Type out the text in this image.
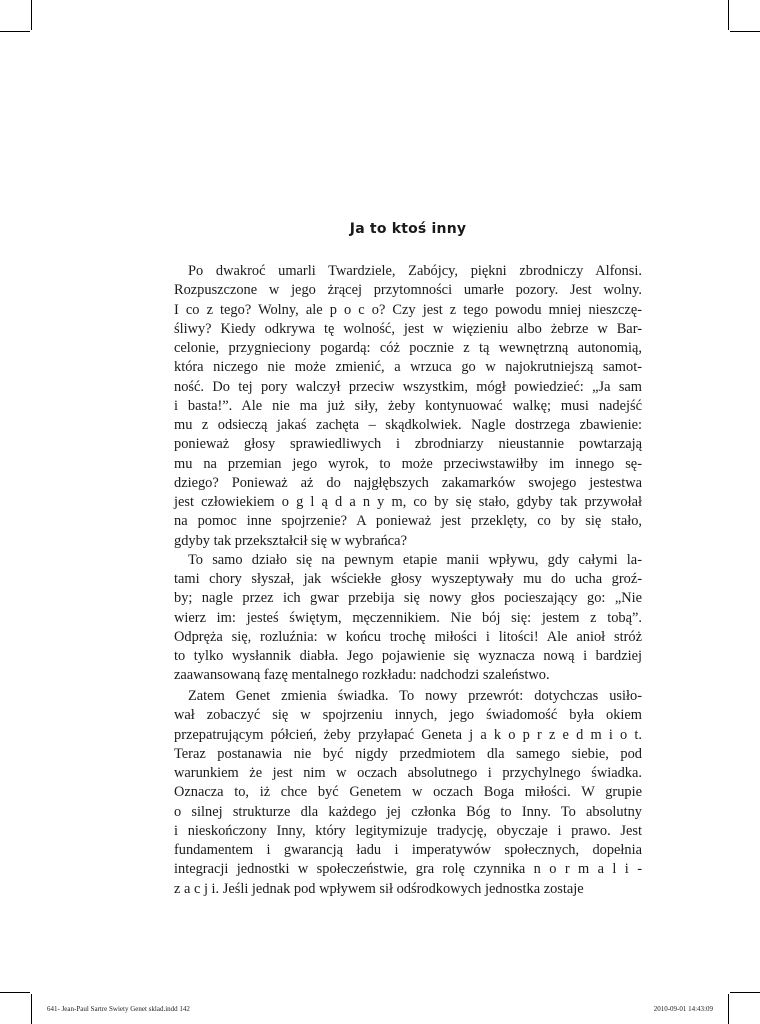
Ja to ktoś inny
Po dwakroć umarli Twardziele, Zabójcy, piękni zbrodniczy Alfonsi.
Rozpuszczone w jego żrącej przytomności umarłe pozory. Jest wolny.
I co z tego? Wolny, ale p o c o? Czy jest z tego powodu mniej nieszczę-
śliwy? Kiedy odkrywa tę wolność, jest w więzieniu albo żebrze w Bar-
celonie, przygnieciony pogardą: cóż pocznie z tą wewnętrzną autonomią,
która niczego nie może zmienić, a wrzuca go w najokrutniejszą samot-
ność. Do tej pory walczył przeciw wszystkim, mógł powiedzieć: „Ja sam
i basta!”. Ale nie ma już siły, żeby kontynuować walkę; musi nadejść
mu z odsieczą jakaś zachęta – skądkolwiek. Nagle dostrzega zbawienie:
ponieważ głosy sprawiedliwych i zbrodniarzy nieustannie powtarzają
mu na przemian jego wyrok, to może przeciwstawiłby im innego sę-
dziego? Ponieważ aż do najgłębszych zakamarków swojego jestestwa
jest człowiekiem o g l ą d a n y m, co by się stało, gdyby tak przywołał
na pomoc inne spojrzenie? A ponieważ jest przeklęty, co by się stało,
gdyby tak przekształcił się w wybrańca?
To samo działo się na pewnym etapie manii wpływu, gdy całymi la-
tami chory słyszał, jak wściekłe głosy wyszeptywały mu do ucha groź-
by; nagle przez ich gwar przebija się nowy głos pocieszający go: „Nie
wierz im: jesteś świętym, męczennikiem. Nie bój się: jestem z tobą”.
Odpręża się, rozluźnia: w końcu trochę miłości i litości! Ale anioł stróż
to tylko wysłannik diabła. Jego pojawienie się wyznacza nową i bardziej
zaawansowaną fazę mentalnego rozkładu: nadchodzi szaleństwo.
Zatem Genet zmienia świadka. To nowy przewrót: dotychczas usiło-
wał zobaczyć się w spojrzeniu innych, jego świadomość była okiem
przepatrującym półcień, żeby przyłapać Geneta j a k o p r z e d m i o t.
Teraz postanawia nie być nigdy przedmiotem dla samego siebie, pod
warunkiem że jest nim w oczach absolutnego i przychylnego świadka.
Oznacza to, iż chce być Genetem w oczach Boga miłości. W grupie
o silnej strukturze dla każdego jej członka Bóg to Inny. To absolutny
i nieskończony Inny, który legitymizuje tradycję, obyczaje i prawo. Jest
fundamentem i gwarancją ładu i imperatywów społecznych, dopełnia
integracji jednostki w społeczeństwie, gra rolę czynnika n o r m a l i -
z a c j i. Jeśli jednak pod wpływem sił odśrodkowych jednostka zostaje
641- Jean-Paul Sartre Swiety Genet sklad.indd 142	2010-09-01 14:43:09
